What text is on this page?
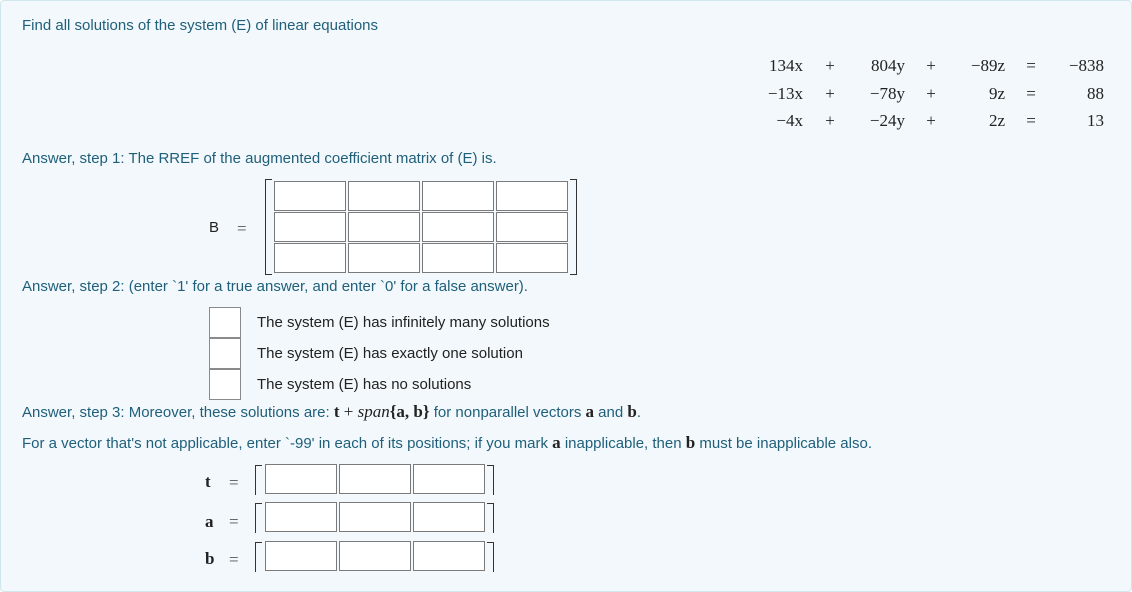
Find all solutions of the system (E) of linear equations
134x	+	804y	+	−89z	=	−838
−13x	+	−78y	+	9z	=	88
−4x	+	−24y	+	2z	=	13
Answer, step 1: The RREF of the augmented coefficient matrix of (E) is.
B =
Answer, step 2: (enter `1' for a true answer, and enter `0' for a false answer).
The system (E) has infinitely many solutions
The system (E) has exactly one solution
The system (E) has no solutions
Answer, step 3: Moreover, these solutions are: t + span{a, b} for nonparallel vectors a and b.
For a vector that's not applicable, enter `-99' in each of its positions; if you mark a inapplicable, then b must be inapplicable also.
t =
a =
b =
